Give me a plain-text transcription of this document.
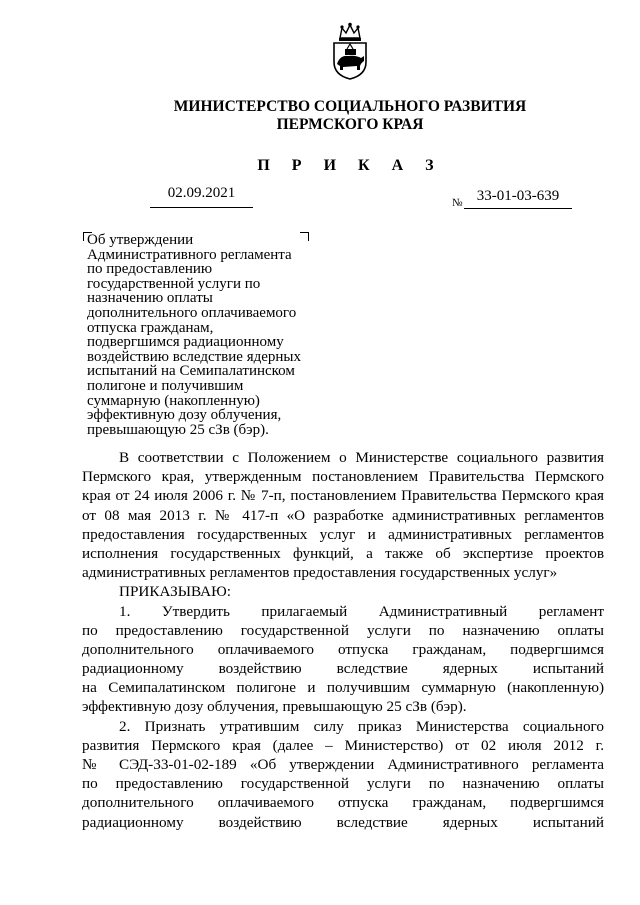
МИНИСТЕРСТВО СОЦИАЛЬНОГО РАЗВИТИЯ
ПЕРМСКОГО КРАЯ
П Р И К А З
02.09.2021
№ 33-01-03-639
Об утверждении
Административного регламента
по предоставлению
государственной услуги по
назначению оплаты
дополнительного оплачиваемого
отпуска гражданам,
подвергшимся радиационному
воздействию вследствие ядерных
испытаний на Семипалатинском
полигоне и получившим
суммарную (накопленную)
эффективную дозу облучения,
превышающую 25 сЗв (бэр).
В соответствии с Положением о Министерстве социального развития
Пермского края, утвержденным постановлением Правительства Пермского
края от 24 июля 2006 г. № 7-п, постановлением Правительства Пермского края
от 08 мая 2013 г. № 417-п «О разработке административных регламентов
предоставления государственных услуг и административных регламентов
исполнения государственных функций, а также об экспертизе проектов
административных регламентов предоставления государственных услуг»
ПРИКАЗЫВАЮ:
1. Утвердить прилагаемый Административный регламент
по предоставлению государственной услуги по назначению оплаты
дополнительного оплачиваемого отпуска гражданам, подвергшимся
радиационному воздействию вследствие ядерных испытаний
на Семипалатинском полигоне и получившим суммарную (накопленную)
эффективную дозу облучения, превышающую 25 сЗв (бэр).
2. Признать утратившим силу приказ Министерства социального
развития Пермского края (далее – Министерство) от 02 июля 2012 г.
№ СЭД-33-01-02-189 «Об утверждении Административного регламента
по предоставлению государственной услуги по назначению оплаты
дополнительного оплачиваемого отпуска гражданам, подвергшимся
радиационному воздействию вследствие ядерных испытаний
